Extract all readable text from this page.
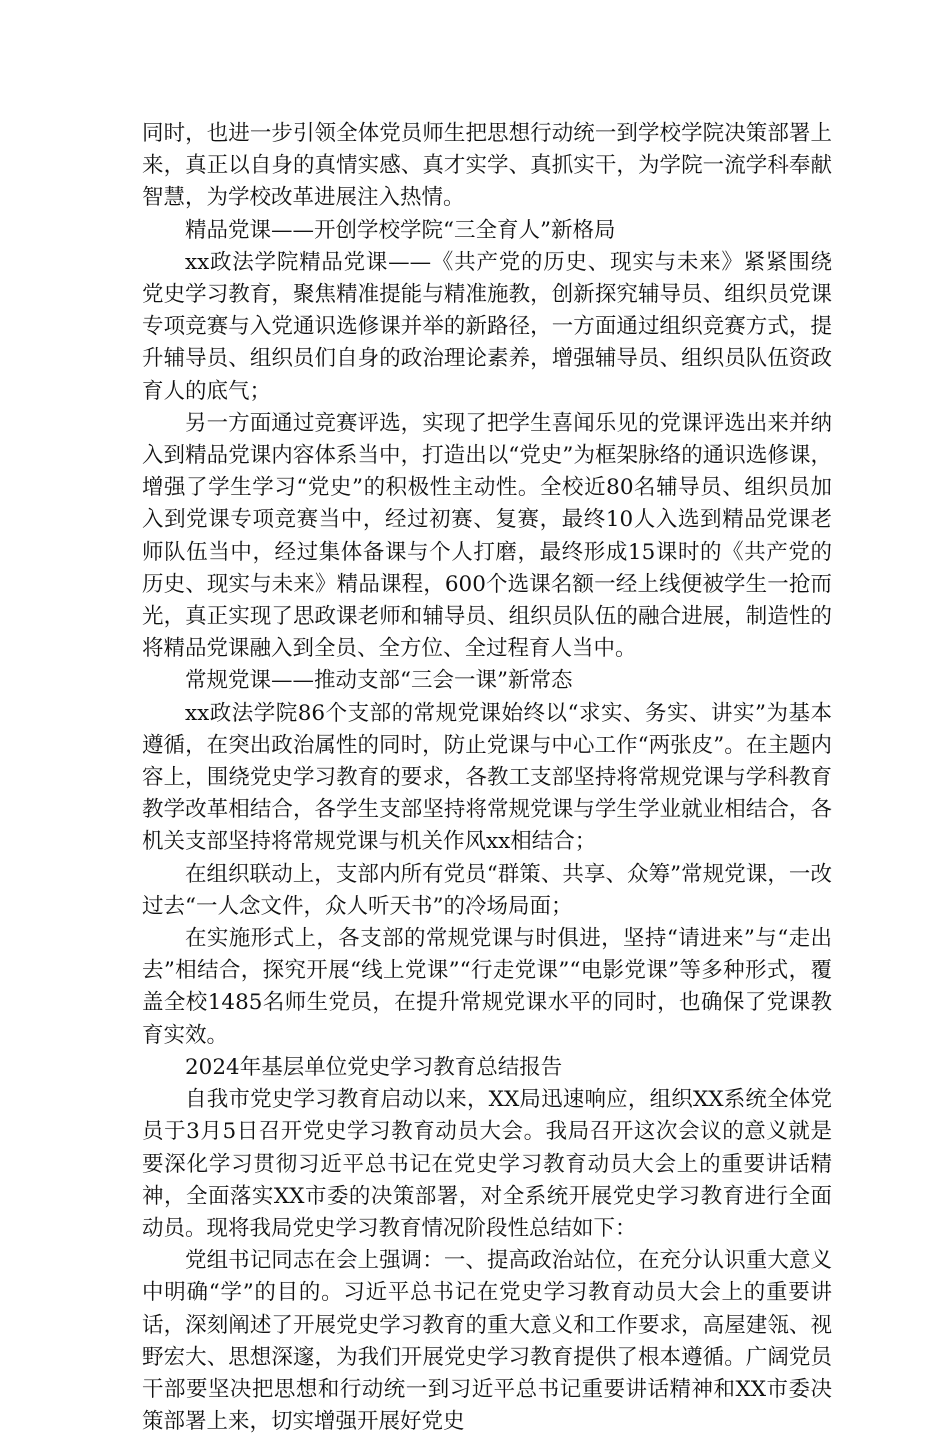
同时，也进一步引领全体党员师生把思想行动统一到学校学院决策部署上来，真正以自身的真情实感、真才实学、真抓实干，为学院一流学科奉献智慧，为学校改革进展注入热情。

精品党课——开创学校学院“三全育人”新格局

xx政法学院精品党课——《共产党的历史、现实与未来》紧紧围绕党史学习教育，聚焦精准提能与精准施教，创新探究辅导员、组织员党课专项竞赛与入党通识选修课并举的新路径，一方面通过组织竞赛方式，提升辅导员、组织员们自身的政治理论素养，增强辅导员、组织员队伍资政育人的底气；

另一方面通过竞赛评选，实现了把学生喜闻乐见的党课评选出来并纳入到精品党课内容体系当中，打造出以“党史”为框架脉络的通识选修课，增强了学生学习“党史”的积极性主动性。全校近80名辅导员、组织员加入到党课专项竞赛当中，经过初赛、复赛，最终10人入选到精品党课老师队伍当中，经过集体备课与个人打磨，最终形成15课时的《共产党的历史、现实与未来》精品课程，600个选课名额一经上线便被学生一抢而光，真正实现了思政课老师和辅导员、组织员队伍的融合进展，制造性的将精品党课融入到全员、全方位、全过程育人当中。

常规党课——推动支部“三会一课”新常态

xx政法学院86个支部的常规党课始终以“求实、务实、讲实”为基本遵循，在突出政治属性的同时，防止党课与中心工作“两张皮”。在主题内容上，围绕党史学习教育的要求，各教工支部坚持将常规党课与学科教育教学改革相结合，各学生支部坚持将常规党课与学生学业就业相结合，各机关支部坚持将常规党课与机关作风xx相结合；

在组织联动上，支部内所有党员“群策、共享、众筹”常规党课，一改过去“一人念文件，众人听天书”的冷场局面；

在实施形式上，各支部的常规党课与时俱进，坚持“请进来”与“走出去”相结合，探究开展“线上党课”“行走党课”“电影党课”等多种形式，覆盖全校1485名师生党员，在提升常规党课水平的同时，也确保了党课教育实效。

2024年基层单位党史学习教育总结报告

自我市党史学习教育启动以来，XX局迅速响应，组织XX系统全体党员于3月5日召开党史学习教育动员大会。我局召开这次会议的意义就是要深化学习贯彻习近平总书记在党史学习教育动员大会上的重要讲话精神，全面落实XX市委的决策部署，对全系统开展党史学习教育进行全面动员。现将我局党史学习教育情况阶段性总结如下：

党组书记同志在会上强调：一、提高政治站位，在充分认识重大意义中明确“学”的目的。习近平总书记在党史学习教育动员大会上的重要讲话，深刻阐述了开展党史学习教育的重大意义和工作要求，高屋建瓴、视野宏大、思想深邃，为我们开展党史学习教育提供了根本遵循。广阔党员干部要坚决把思想和行动统一到习近平总书记重要讲话精神和XX市委决策部署上来，切实增强开展好党史
